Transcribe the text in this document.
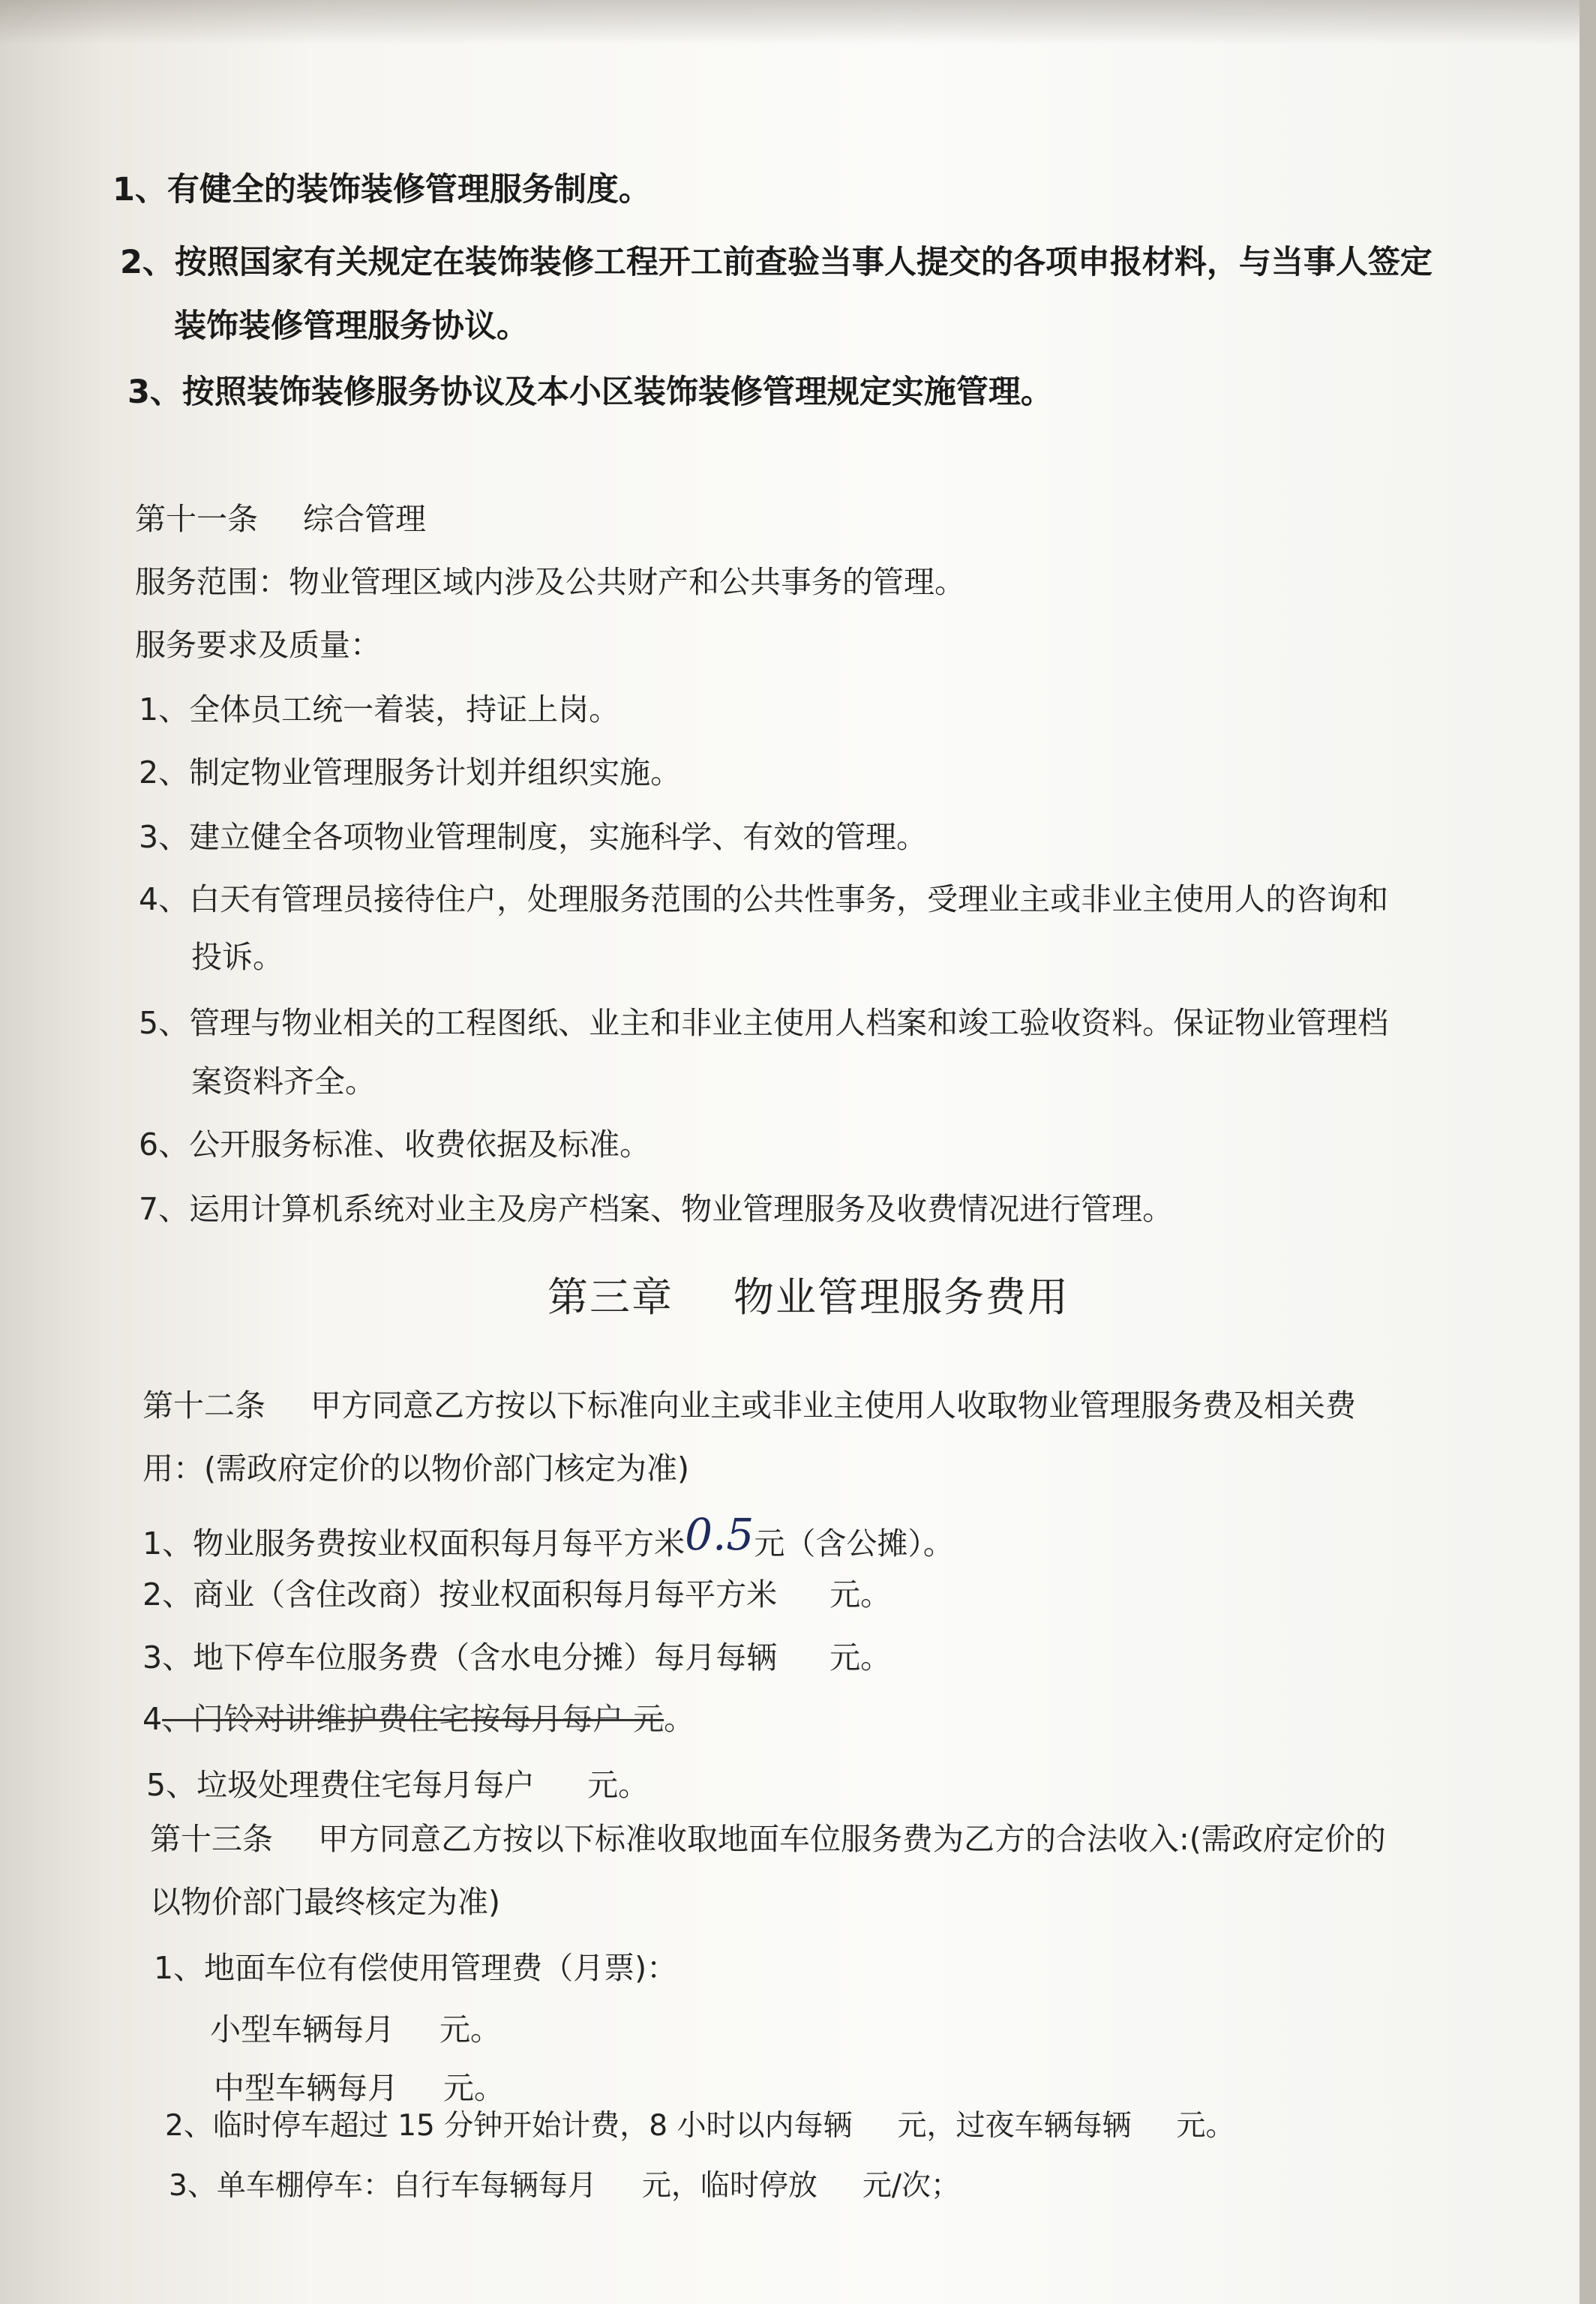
1、有健全的装饰装修管理服务制度。
2、按照国家有关规定在装饰装修工程开工前查验当事人提交的各项申报材料，与当事人签定
装饰装修管理服务协议。
3、按照装饰装修服务协议及本小区装饰装修管理规定实施管理。
第十一条 综合管理
服务范围：物业管理区域内涉及公共财产和公共事务的管理。
服务要求及质量：
1、全体员工统一着装，持证上岗。
2、制定物业管理服务计划并组织实施。
3、建立健全各项物业管理制度，实施科学、有效的管理。
4、白天有管理员接待住户，处理服务范围的公共性事务，受理业主或非业主使用人的咨询和
投诉。
5、管理与物业相关的工程图纸、业主和非业主使用人档案和竣工验收资料。保证物业管理档
案资料齐全。
6、公开服务标准、收费依据及标准。
7、运用计算机系统对业主及房产档案、物业管理服务及收费情况进行管理。
第三章 物业管理服务费用
第十二条 甲方同意乙方按以下标准向业主或非业主使用人收取物业管理服务费及相关费
用：(需政府定价的以物价部门核定为准)
1、物业服务费按业权面积每月每平方米0.5元（含公摊）。
2、商业（含住改商）按业权面积每月每平方米 元。
3、地下停车位服务费（含水电分摊）每月每辆 元。
4、门铃对讲维护费住宅按每月每户 元。
5、垃圾处理费住宅每月每户 元。
第十三条 甲方同意乙方按以下标准收取地面车位服务费为乙方的合法收入:(需政府定价的
以物价部门最终核定为准)
1、地面车位有偿使用管理费（月票)：
小型车辆每月 元。
中型车辆每月 元。
2、临时停车超过 15 分钟开始计费，8 小时以内每辆 元，过夜车辆每辆 元。
3、单车棚停车：自行车每辆每月 元，临时停放 元/次；
